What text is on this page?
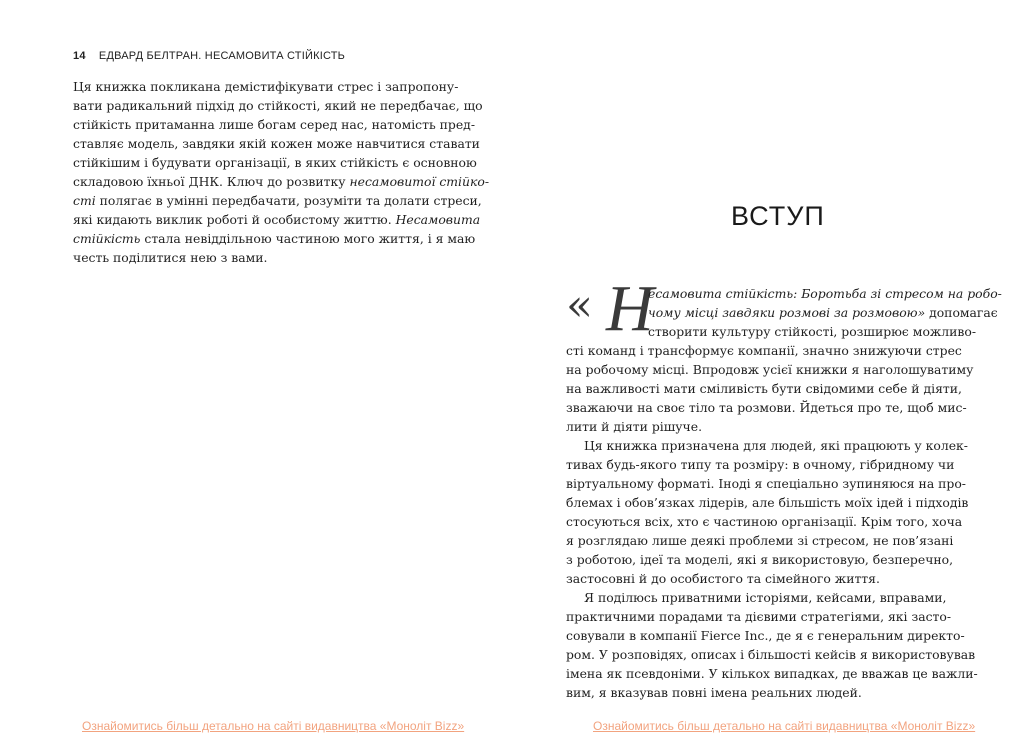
14 ЕДВАРД БЕЛТРАН. НЕСАМОВИТА СТІЙКІСТЬ
Ця книжка покликана демістифікувати стрес і запропону-
вати радикальний підхід до стійкості, який не передбачає, що
стійкість притаманна лише богам серед нас, натомість пред-
ставляє модель, завдяки якій кожен може навчитися ставати
стійкішим і будувати організації, в яких стійкість є основною
складовою їхньої ДНК. Ключ до розвитку несамовитої стійко-
сті полягає в умінні передбачати, розуміти та долати стреси,
які кидають виклик роботі й особистому життю. Несамовита
стійкість стала невіддільною частиною мого життя, і я маю
честь поділитися нею з вами.
Ознайомитись більш детально на сайті видавництва «Моноліт Bizz»
ВСТУП
« Н
есамовита стійкість: Боротьба зі стресом на робо-
чому місці завдяки розмові за розмовою» допомагає
створити культуру стійкості, розширює можливо-
сті команд і трансформує компанії, значно знижуючи стрес
на робочому місці. Впродовж усієї книжки я наголошуватиму
на важливості мати сміливість бути свідомими себе й діяти,
зважаючи на своє тіло та розмови. Йдеться про те, щоб мис-
лити й діяти рішуче.
Ця книжка призначена для людей, які працюють у колек-
тивах будь-якого типу та розміру: в очному, гібридному чи
віртуальному форматі. Іноді я спеціально зупиняюся на про-
блемах і обов’язках лідерів, але більшість моїх ідей і підходів
стосуються всіх, хто є частиною організації. Крім того, хоча
я розглядаю лише деякі проблеми зі стресом, не пов’язані
з роботою, ідеї та моделі, які я використовую, безперечно,
застосовні й до особистого та сімейного життя.
Я поділюсь приватними історіями, кейсами, вправами,
практичними порадами та дієвими стратегіями, які засто-
совували в компанії Fierce Inc., де я є генеральним директо-
ром. У розповідях, описах і більшості кейсів я використовував
імена як псевдоніми. У кількох випадках, де вважав це важли-
вим, я вказував повні імена реальних людей.
Ознайомитись більш детально на сайті видавництва «Моноліт Bizz»
